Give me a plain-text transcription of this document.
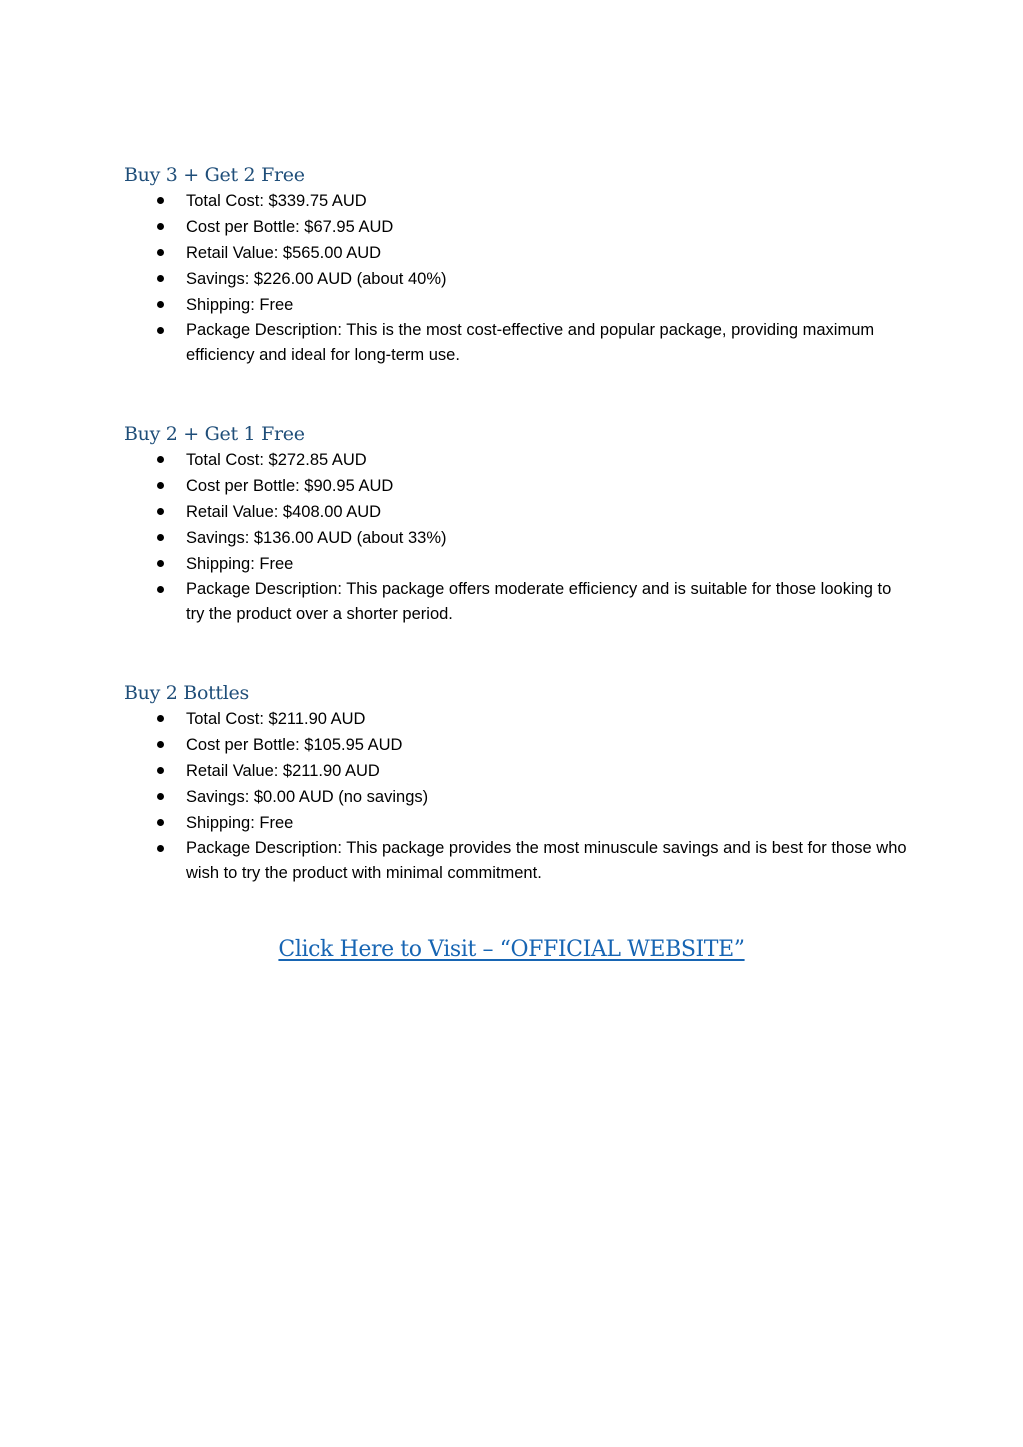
Buy 3 + Get 2 Free
Total Cost: $339.75 AUD
Cost per Bottle: $67.95 AUD
Retail Value: $565.00 AUD
Savings: $226.00 AUD (about 40%)
Shipping: Free
Package Description: This is the most cost-effective and popular package, providing maximum efficiency and ideal for long-term use.
Buy 2 + Get 1 Free
Total Cost: $272.85 AUD
Cost per Bottle: $90.95 AUD
Retail Value: $408.00 AUD
Savings: $136.00 AUD (about 33%)
Shipping: Free
Package Description: This package offers moderate efficiency and is suitable for those looking to try the product over a shorter period.
Buy 2 Bottles
Total Cost: $211.90 AUD
Cost per Bottle: $105.95 AUD
Retail Value: $211.90 AUD
Savings: $0.00 AUD (no savings)
Shipping: Free
Package Description: This package provides the most minuscule savings and is best for those who wish to try the product with minimal commitment.
Click Here to Visit – “OFFICIAL WEBSITE”
